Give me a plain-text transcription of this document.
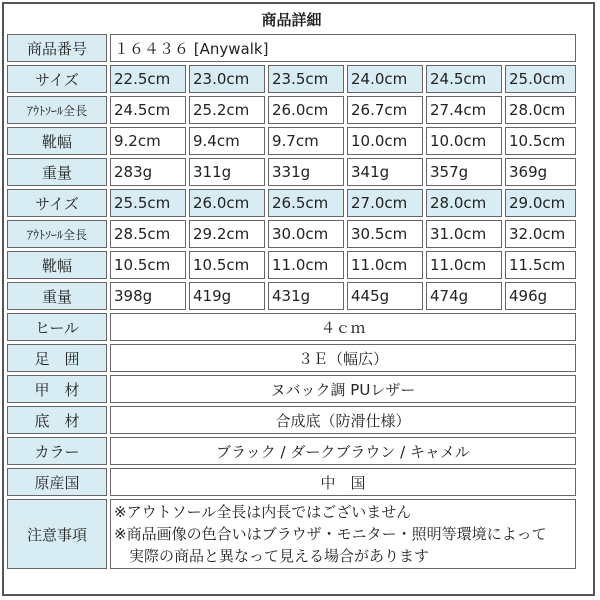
商品詳細						
商品番号	１６４３６ [Anywalk]					
サイズ	22.5cm	23.0cm	23.5cm	24.0cm	24.5cm	25.0cm
ｱｳﾄｿｰﾙ全長	24.5cm	25.2cm	26.0cm	26.7cm	27.4cm	28.0cm
靴幅	9.2cm	9.4cm	9.7cm	10.0cm	10.0cm	10.5cm
重量	283g	311g	331g	341g	357g	369g
サイズ	25.5cm	26.0cm	26.5cm	27.0cm	28.0cm	29.0cm
ｱｳﾄｿｰﾙ全長	28.5cm	29.2cm	30.0cm	30.5cm	31.0cm	32.0cm
靴幅	10.5cm	10.5cm	11.0cm	11.0cm	11.0cm	11.5cm
重量	398g	419g	431g	445g	474g	496g
ヒール	４ｃｍ					
足　囲	３Ｅ（幅広）					
甲　材	ヌバック調 PUレザー					
底　材	合成底（防滑仕様）					
カラー	ブラック / ダークブラウン / キャメル					
原産国	中　国					
注意事項	※アウトソール全長は内長ではございません
※商品画像の色合いはブラウザ・モニター・照明等環境によって
　実際の商品と異なって見える場合があります					
